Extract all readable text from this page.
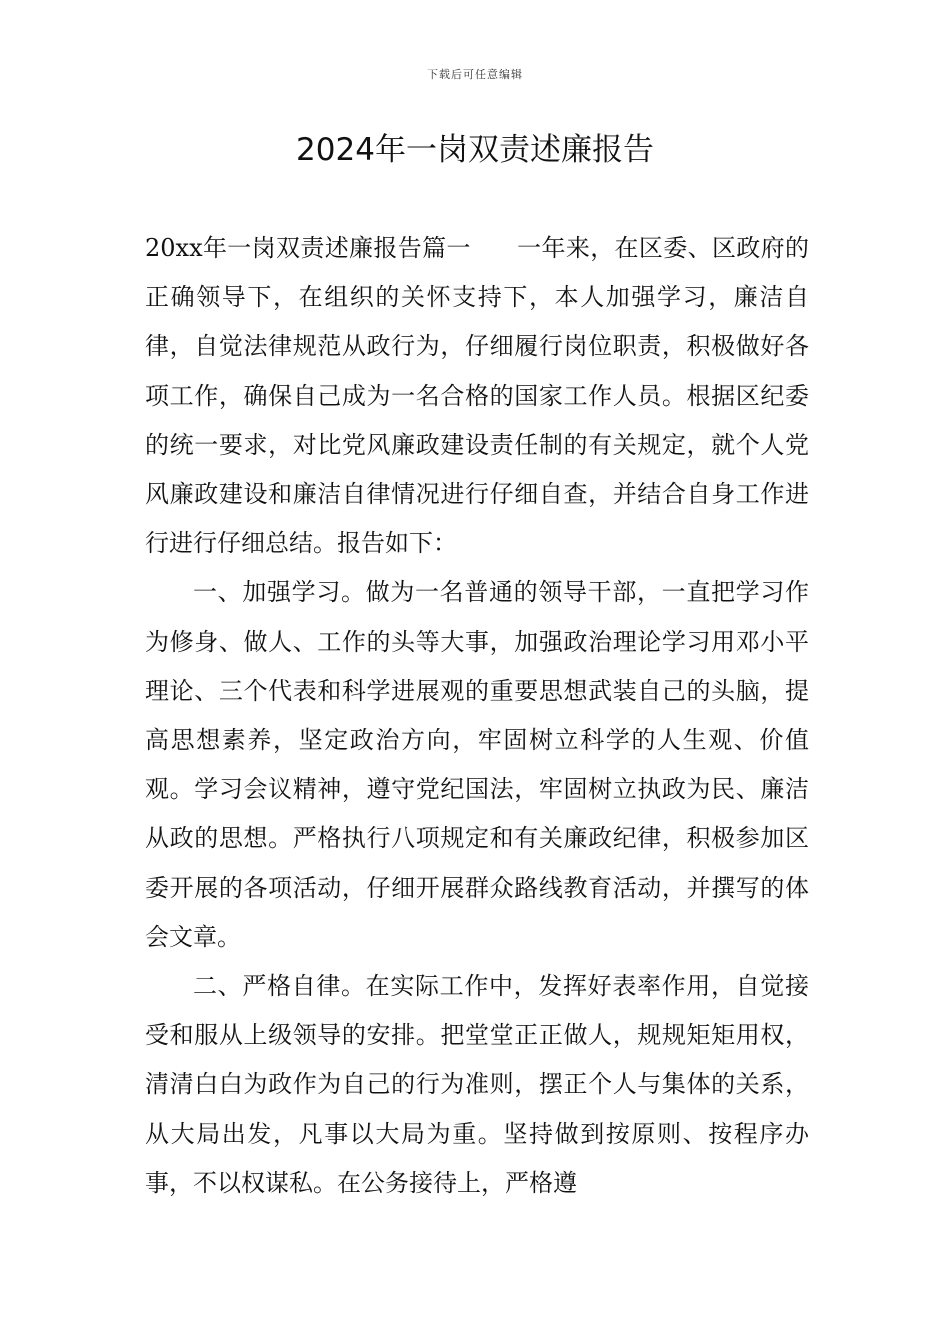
下载后可任意编辑
2024年一岗双责述廉报告

20xx年一岗双责述廉报告篇一 一年来，在区委、区政府的正确领导下，在组织的关怀支持下，本人加强学习，廉洁自律，自觉法律规范从政行为，仔细履行岗位职责，积极做好各项工作，确保自己成为一名合格的国家工作人员。根据区纪委的统一要求，对比党风廉政建设责任制的有关规定，就个人党风廉政建设和廉洁自律情况进行仔细自查，并结合自身工作进行进行仔细总结。报告如下：

一、加强学习。做为一名普通的领导干部，一直把学习作为修身、做人、工作的头等大事，加强政治理论学习用邓小平理论、三个代表和科学进展观的重要思想武装自己的头脑，提高思想素养，坚定政治方向，牢固树立科学的人生观、价值观。学习会议精神，遵守党纪国法，牢固树立执政为民、廉洁从政的思想。严格执行八项规定和有关廉政纪律，积极参加区委开展的各项活动，仔细开展群众路线教育活动，并撰写的体会文章。

二、严格自律。在实际工作中，发挥好表率作用，自觉接受和服从上级领导的安排。把堂堂正正做人，规规矩矩用权，清清白白为政作为自己的行为准则，摆正个人与集体的关系，从大局出发，凡事以大局为重。坚持做到按原则、按程序办事，不以权谋私。在公务接待上，严格遵
